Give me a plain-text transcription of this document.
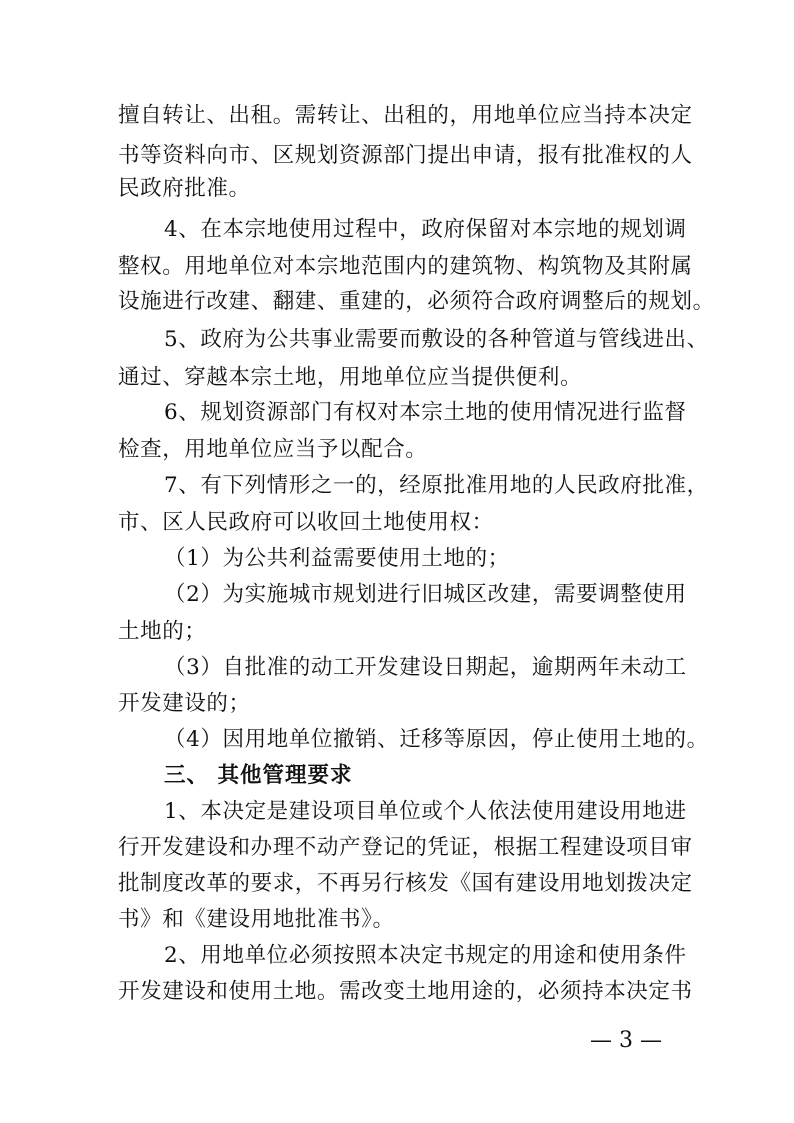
擅自转让、出租。需转让、出租的，用地单位应当持本决定
书等资料向市、区规划资源部门提出申请，报有批准权的人
民政府批准。
4、在本宗地使用过程中，政府保留对本宗地的规划调
整权。用地单位对本宗地范围内的建筑物、构筑物及其附属
设施进行改建、翻建、重建的，必须符合政府调整后的规划。
5、政府为公共事业需要而敷设的各种管道与管线进出、
通过、穿越本宗土地，用地单位应当提供便利。
6、规划资源部门有权对本宗土地的使用情况进行监督
检查，用地单位应当予以配合。
7、有下列情形之一的，经原批准用地的人民政府批准，
市、区人民政府可以收回土地使用权：
（1）为公共利益需要使用土地的；
（2）为实施城市规划进行旧城区改建，需要调整使用
土地的；
（3）自批准的动工开发建设日期起，逾期两年未动工
开发建设的；
（4）因用地单位撤销、迁移等原因，停止使用土地的。
三、 其他管理要求
1、本决定是建设项目单位或个人依法使用建设用地进
行开发建设和办理不动产登记的凭证，根据工程建设项目审
批制度改革的要求，不再另行核发《国有建设用地划拨决定
书》和《建设用地批准书》。
2、用地单位必须按照本决定书规定的用途和使用条件
开发建设和使用土地。需改变土地用途的，必须持本决定书
— 3 —
